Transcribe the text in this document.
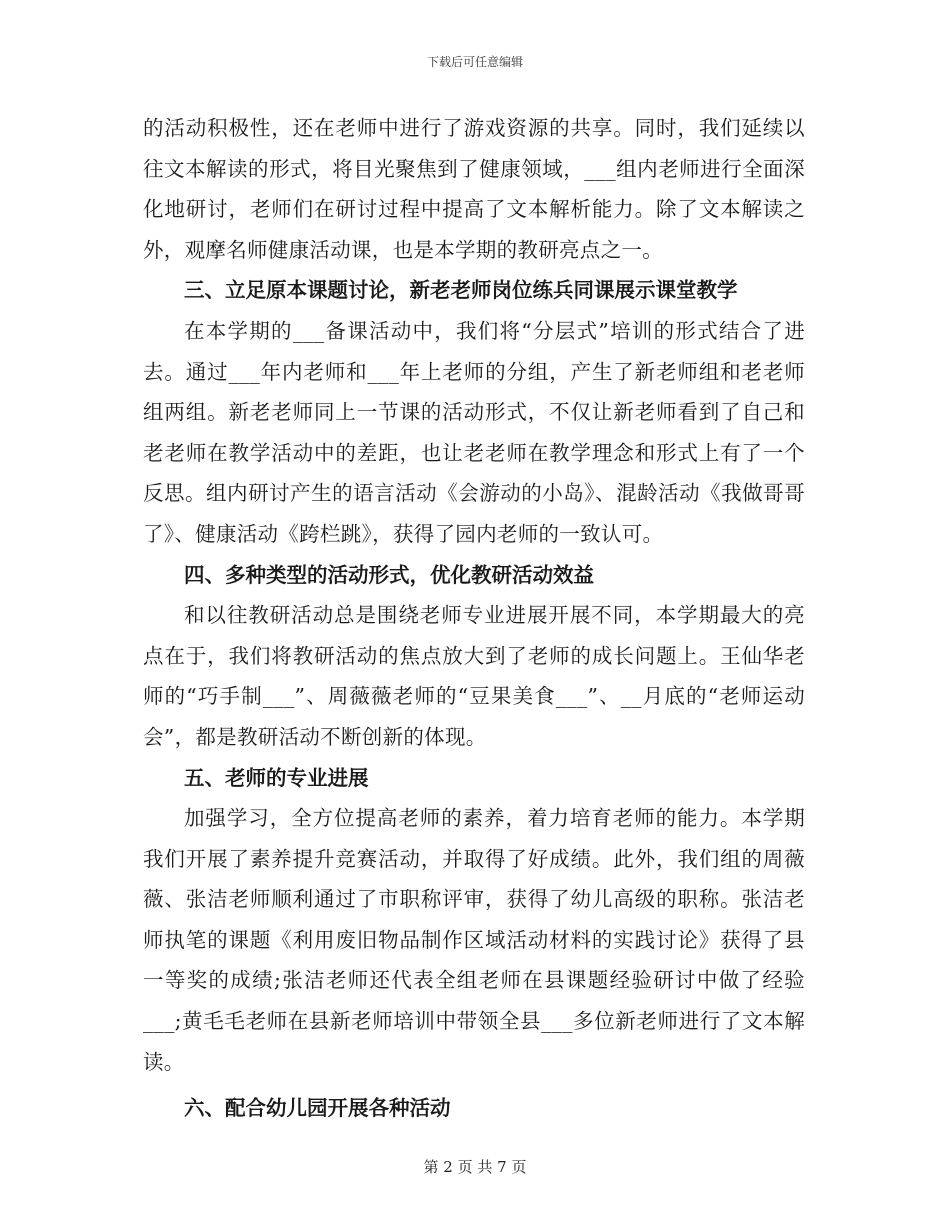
下载后可任意编辑
的活动积极性，还在老师中进行了游戏资源的共享。同时，我们延续以往文本解读的形式，将目光聚焦到了健康领域，___组内老师进行全面深化地研讨，老师们在研讨过程中提高了文本解析能力。除了文本解读之外，观摩名师健康活动课，也是本学期的教研亮点之一。
三、立足原本课题讨论，新老老师岗位练兵同课展示课堂教学
在本学期的___备课活动中，我们将“分层式”培训的形式结合了进去。通过___年内老师和___年上老师的分组，产生了新老师组和老老师组两组。新老老师同上一节课的活动形式，不仅让新老师看到了自己和老老师在教学活动中的差距，也让老老师在教学理念和形式上有了一个反思。组内研讨产生的语言活动《会游动的小岛》、混龄活动《我做哥哥了》、健康活动《跨栏跳》，获得了园内老师的一致认可。
四、多种类型的活动形式，优化教研活动效益
和以往教研活动总是围绕老师专业进展开展不同，本学期最大的亮点在于，我们将教研活动的焦点放大到了老师的成长问题上。王仙华老师的“巧手制___”、周薇薇老师的“豆果美食___”、__月底的“老师运动会”，都是教研活动不断创新的体现。
五、老师的专业进展
加强学习，全方位提高老师的素养，着力培育老师的能力。本学期我们开展了素养提升竞赛活动，并取得了好成绩。此外，我们组的周薇薇、张洁老师顺利通过了市职称评审，获得了幼儿高级的职称。张洁老师执笔的课题《利用废旧物品制作区域活动材料的实践讨论》获得了县一等奖的成绩;张洁老师还代表全组老师在县课题经验研讨中做了经验___;黄毛毛老师在县新老师培训中带领全县___多位新老师进行了文本解读。
六、配合幼儿园开展各种活动
第 2 页 共 7 页
